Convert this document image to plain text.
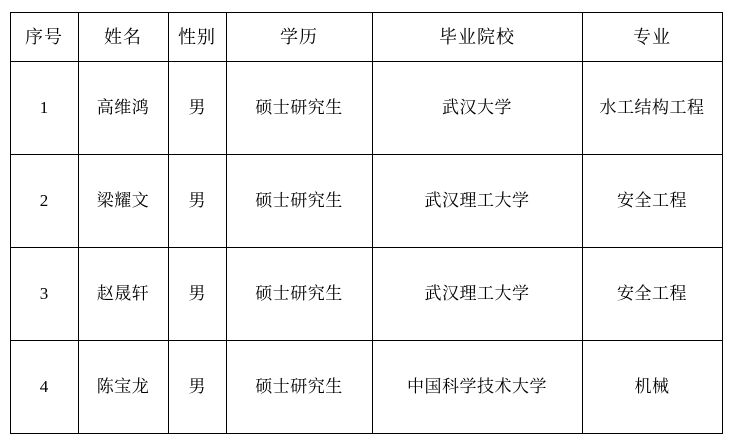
序号	姓名	性别	学历	毕业院校	专业
1	高维鸿	男	硕士研究生	武汉大学	水工结构工程
2	梁耀文	男	硕士研究生	武汉理工大学	安全工程
3	赵晟轩	男	硕士研究生	武汉理工大学	安全工程
4	陈宝龙	男	硕士研究生	中国科学技术大学	机械
